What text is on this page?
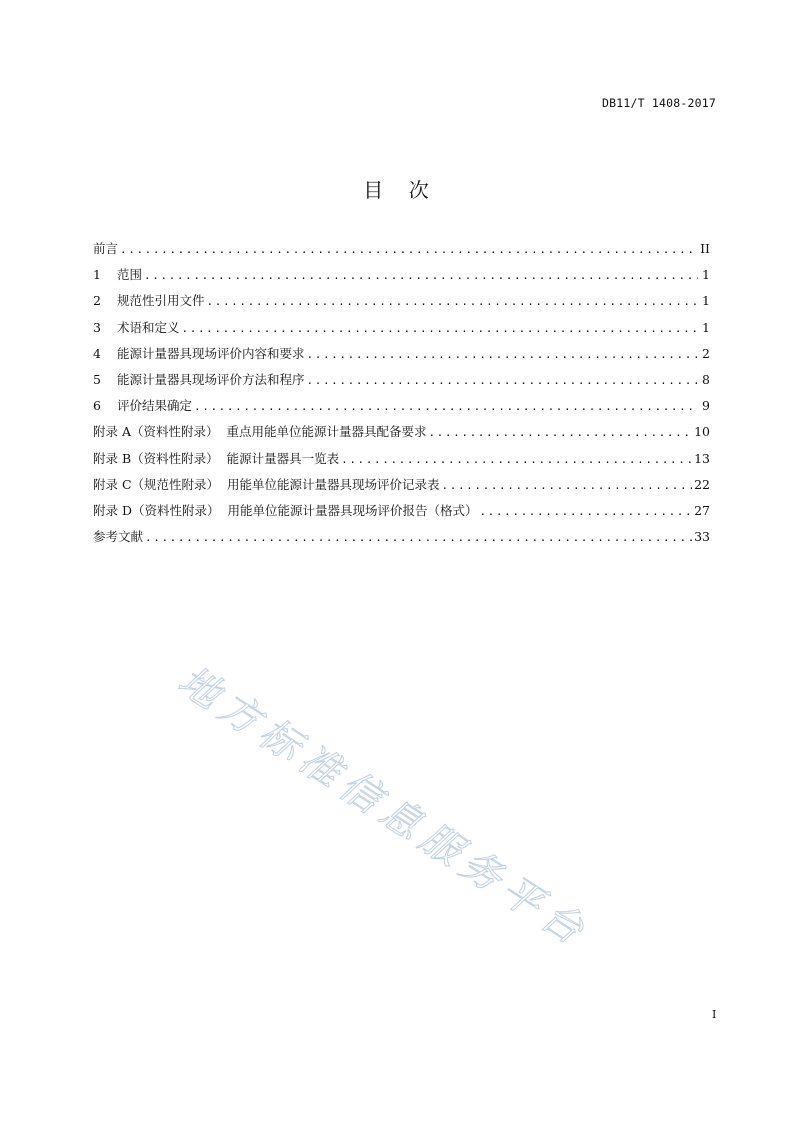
DB11/T 1408-2017
目    次
前言 .....	II
1	范围 .....	1
2	规范性引用文件 .....	1
3	术语和定义 .....	1
4	能源计量器具现场评价内容和要求 .....	2
5	能源计量器具现场评价方法和程序 .....	8
6	评价结果确定 .....	9
附录 A（资料性附录）  重点用能单位能源计量器具配备要求 .....	10
附录 B（资料性附录）  能源计量器具一览表 .....	13
附录 C（规范性附录）  用能单位能源计量器具现场评价记录表 .....	22
附录 D（资料性附录）  用能单位能源计量器具现场评价报告（格式） .....	27
参考文献 .....	33
地方标准信息服务平台
I
